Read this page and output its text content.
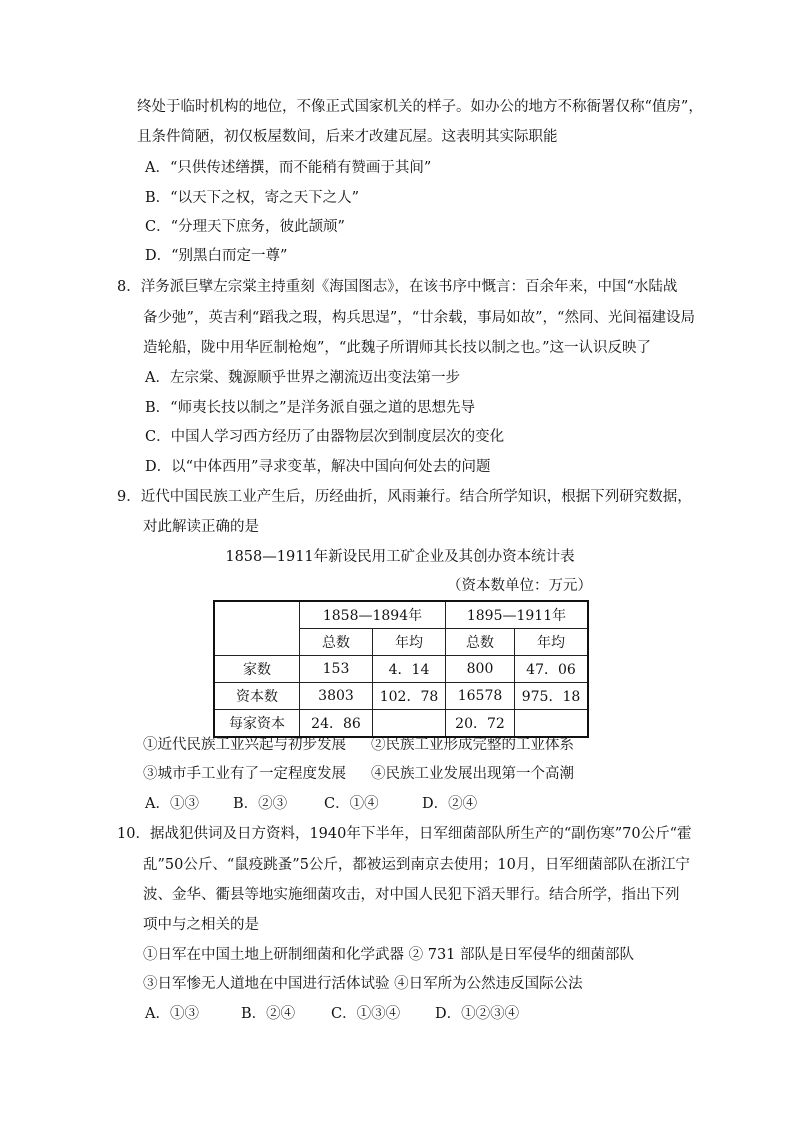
终处于临时机构的地位，不像正式国家机关的样子。如办公的地方不称衙署仅称“值房”，
且条件简陋，初仅板屋数间，后来才改建瓦屋。这表明其实际职能
A．“只供传述缮撰，而不能稍有赞画于其间”
B．“以天下之权，寄之天下之人”
C．“分理天下庶务，彼此颉颃”
D．“别黑白而定一尊”
8．洋务派巨擘左宗棠主持重刻《海国图志》，在该书序中慨言：百余年来，中国“水陆战
备少弛”，英吉利“蹈我之瑕，构兵思逞”，“廿余载，事局如故”，“然同、光间福建设局
造轮船，陇中用华匠制枪炮”，“此魏子所谓师其长技以制之也。”这一认识反映了
A．左宗棠、魏源顺乎世界之潮流迈出变法第一步
B．“师夷长技以制之”是洋务派自强之道的思想先导
C．中国人学习西方经历了由器物层次到制度层次的变化
D．以“中体西用”寻求变革，解决中国向何处去的问题
9．近代中国民族工业产生后，历经曲折，风雨兼行。结合所学知识，根据下列研究数据，
对此解读正确的是
1858—1911年新设民用工矿企业及其创办资本统计表
（资本数单位：万元）
	1858—1894年		1895—1911年	
	总数	年均	总数	年均
家数	153	4．14	800	47．06
资本数	3803	102．78	16578	975．18
每家资本	24．86		20．72	
①近代民族工业兴起与初步发展 ②民族工业形成完整的工业体系
③城市手工业有了一定程度发展 ④民族工业发展出现第一个高潮
A．①③ B．②③	C．①④	D．②④
10．据战犯供词及日方资料，1940年下半年，日军细菌部队所生产的“副伤寒”70公斤“霍
乱”50公斤、“鼠疫跳蚤”5公斤，都被运到南京去使用；10月，日军细菌部队在浙江宁
波、金华、衢县等地实施细菌攻击，对中国人民犯下滔天罪行。结合所学，指出下列
项中与之相关的是
①日军在中国土地上研制细菌和化学武器 ② 731 部队是日军侵华的细菌部队
③日军惨无人道地在中国进行活体试验 ④日军所为公然违反国际公法
A．①③	B．②④ C．①③④ D．①②③④
